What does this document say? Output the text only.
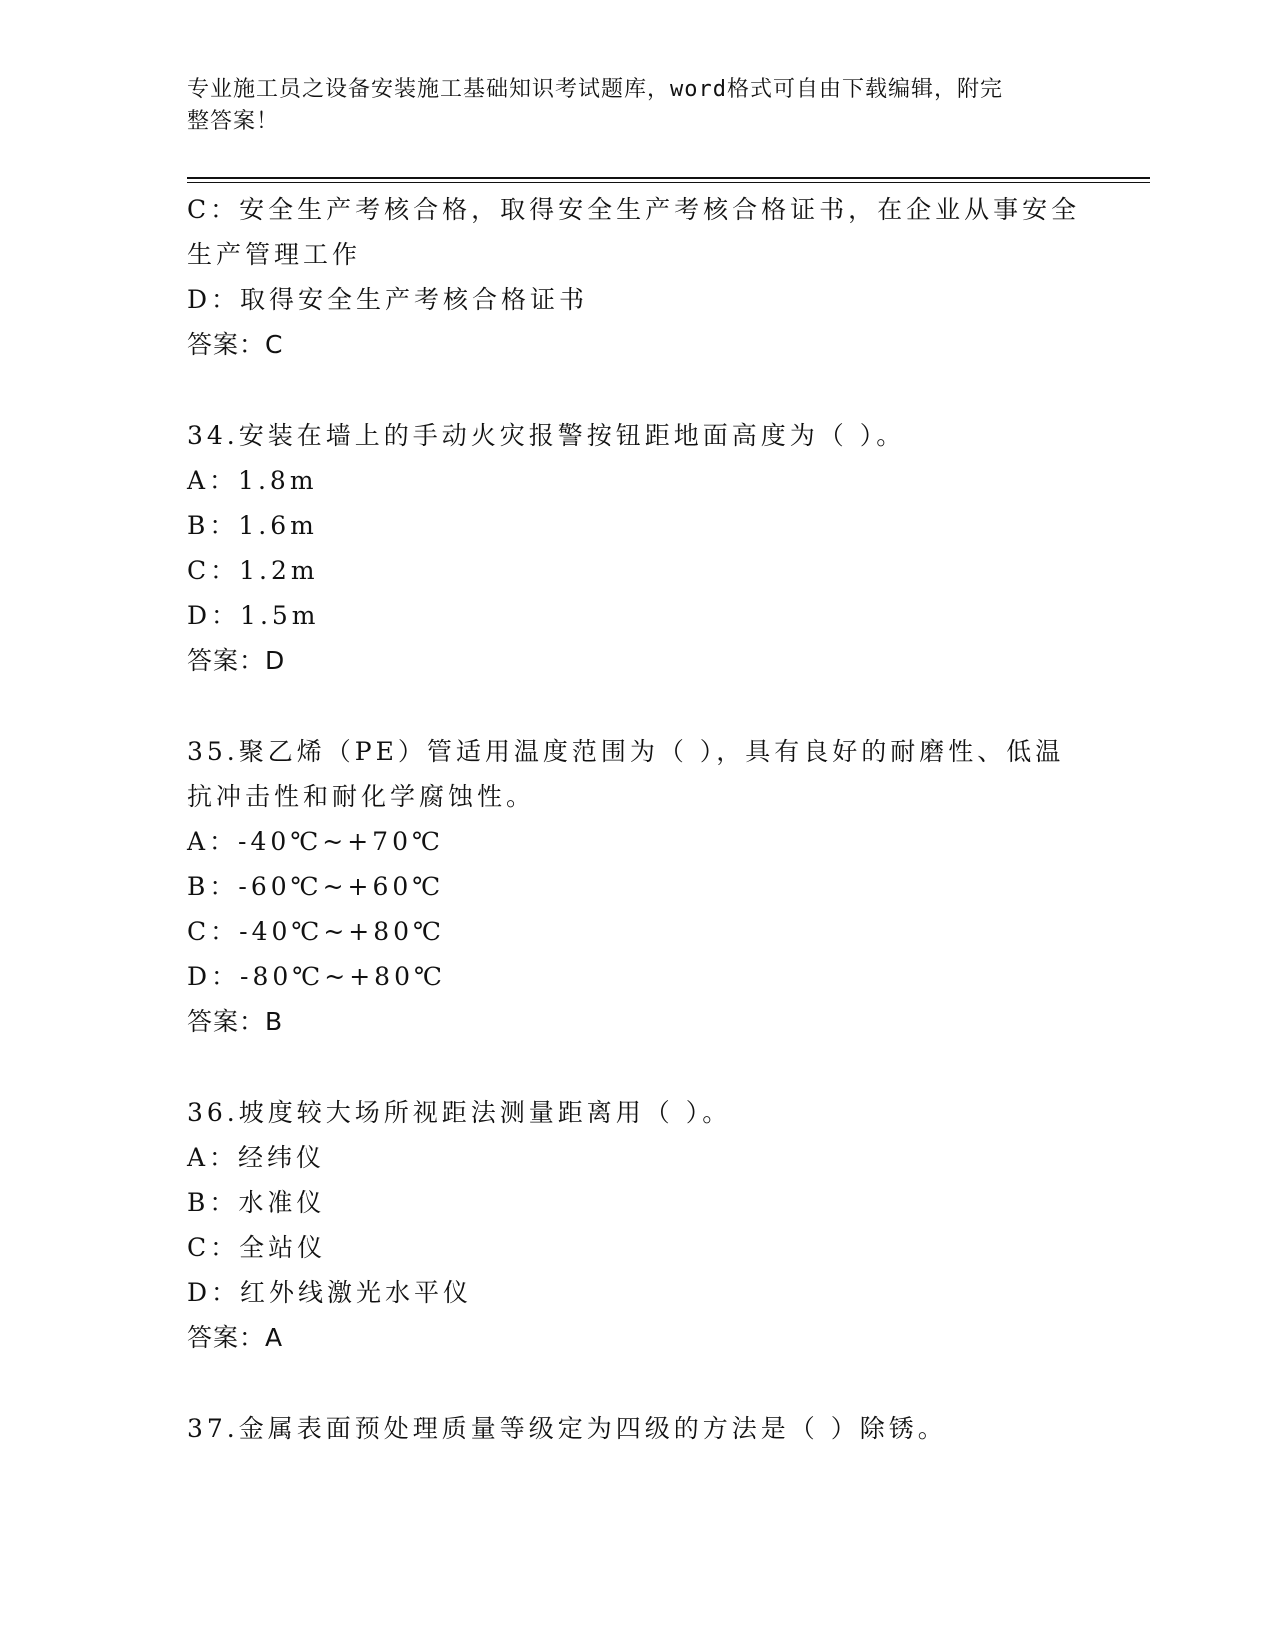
专业施工员之设备安装施工基础知识考试题库，word格式可自由下载编辑，附完
整答案！
C：安全生产考核合格，取得安全生产考核合格证书，在企业从事安全
生产管理工作
D：取得安全生产考核合格证书
答案：C
34.安装在墙上的手动火灾报警按钮距地面高度为（ ）。
A：1.8m
B：1.6m
C：1.2m
D：1.5m
答案：D
35.聚乙烯（PE）管适用温度范围为（ ），具有良好的耐磨性、低温
抗冲击性和耐化学腐蚀性。
A：-40℃~+70℃
B：-60℃~+60℃
C：-40℃~+80℃
D：-80℃~+80℃
答案：B
36.坡度较大场所视距法测量距离用（ ）。
A：经纬仪
B：水准仪
C：全站仪
D：红外线激光水平仪
答案：A
37.金属表面预处理质量等级定为四级的方法是（ ）除锈。
